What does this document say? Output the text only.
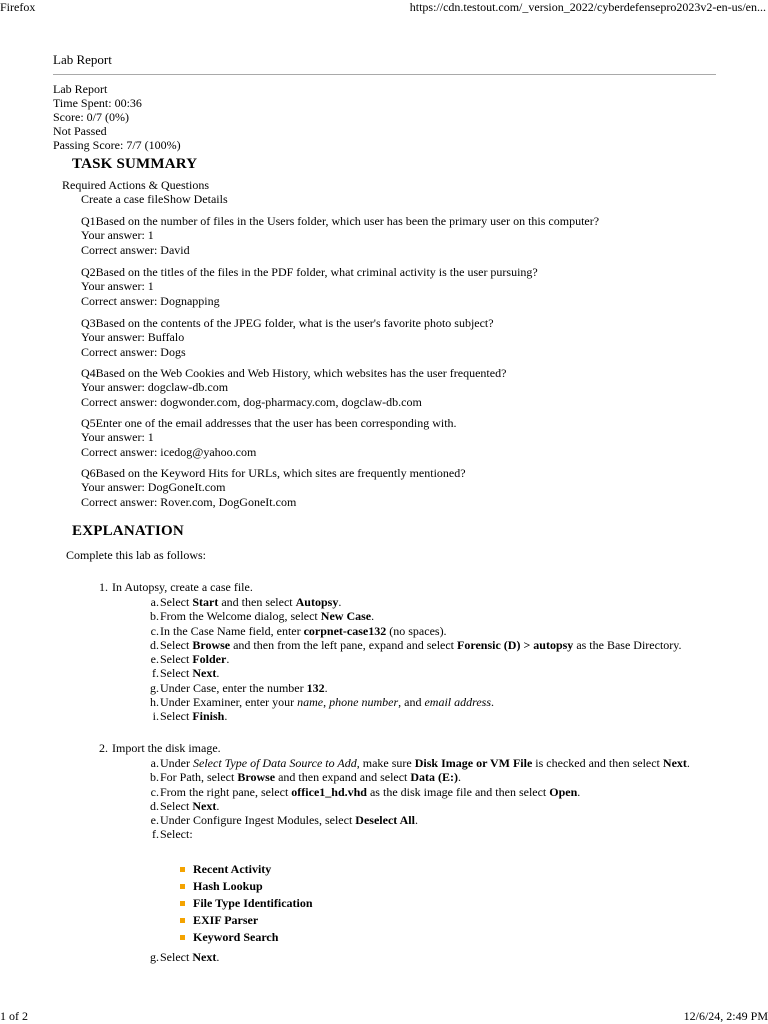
Firefox	https://cdn.testout.com/_version_2022/cyberdefensepro2023v2-en-us/en...
1 of 2	12/6/24, 2:49 PM
Lab Report
Lab Report
Time Spent: 00:36
Score: 0/7 (0%)
Not Passed
Passing Score: 7/7 (100%)
TASK SUMMARY
Required Actions & Questions
Create a case fileShow Details
Q1Based on the number of files in the Users folder, which user has been the primary user on this computer?
Your answer: 1
Correct answer: David
Q2Based on the titles of the files in the PDF folder, what criminal activity is the user pursuing?
Your answer: 1
Correct answer: Dognapping
Q3Based on the contents of the JPEG folder, what is the user's favorite photo subject?
Your answer: Buffalo
Correct answer: Dogs
Q4Based on the Web Cookies and Web History, which websites has the user frequented?
Your answer: dogclaw-db.com
Correct answer: dogwonder.com, dog-pharmacy.com, dogclaw-db.com
Q5Enter one of the email addresses that the user has been corresponding with.
Your answer: 1
Correct answer: icedog@yahoo.com
Q6Based on the Keyword Hits for URLs, which sites are frequently mentioned?
Your answer: DogGoneIt.com
Correct answer: Rover.com, DogGoneIt.com
EXPLANATION
Complete this lab as follows:
1. In Autopsy, create a case file.
a. Select Start and then select Autopsy.
b. From the Welcome dialog, select New Case.
c. In the Case Name field, enter corpnet-case132 (no spaces).
d. Select Browse and then from the left pane, expand and select Forensic (D) > autopsy as the Base Directory.
e. Select Folder.
f. Select Next.
g. Under Case, enter the number 132.
h. Under Examiner, enter your name, phone number, and email address.
i. Select Finish.
2. Import the disk image.
a. Under Select Type of Data Source to Add, make sure Disk Image or VM File is checked and then select Next.
b. For Path, select Browse and then expand and select Data (E:).
c. From the right pane, select office1_hd.vhd as the disk image file and then select Open.
d. Select Next.
e. Under Configure Ingest Modules, select Deselect All.
f. Select:
Recent Activity
Hash Lookup
File Type Identification
EXIF Parser
Keyword Search
g. Select Next.
